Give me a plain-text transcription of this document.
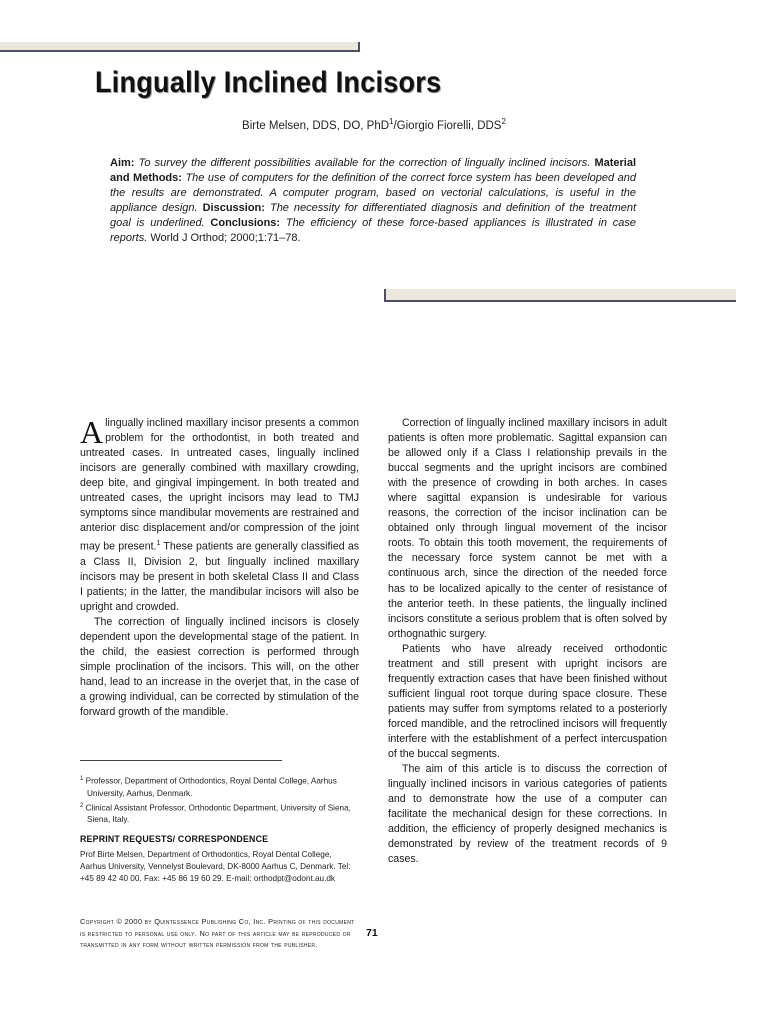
Lingually Inclined Incisors
Birte Melsen, DDS, DO, PhD$^1$/Giorgio Fiorelli, DDS$^2$

Aim: To survey the different possibilities available for the correction of lingually inclined incisors. Material and Methods: The use of computers for the definition of the correct force system has been developed and the results are demonstrated. A computer program, based on vectorial calculations, is useful in the appliance design. Discussion: The necessity for differentiated diagnosis and definition of the treatment goal is underlined. Conclusions: The efficiency of these force-based appliances is illustrated in case reports. World J Orthod; 2000;1:71–78.

Alingually inclined maxillary incisor presents a common problem for the orthodontist, in both treated and untreated cases. In untreated cases, lingually inclined incisors are generally combined with maxillary crowding, deep bite, and gingival impingement. In both treated and untreated cases, the upright incisors may lead to TMJ symptoms since mandibular movements are restrained and anterior disc displacement and/or compression of the joint may be present.$^1$ These patients are generally classified as a Class II, Division 2, but lingually inclined maxillary incisors may be present in both skeletal Class II and Class I patients; in the latter, the mandibular incisors will also be upright and crowded.

The correction of lingually inclined incisors is closely dependent upon the developmental stage of the patient. In the child, the easiest correction is performed through simple proclination of the incisors. This will, on the other hand, lead to an increase in the overjet that, in the case of a growing individual, can be corrected by stimulation of the forward growth of the mandible.

Correction of lingually inclined maxillary incisors in adult patients is often more problematic. Sagittal expansion can be allowed only if a Class I relationship prevails in the buccal segments and the upright incisors are combined with the presence of crowding in both arches. In cases where sagittal expansion is undesirable for various reasons, the correction of the incisor inclination can be obtained only through lingual movement of the incisor roots. To obtain this tooth movement, the requirements of the necessary force system cannot be met with a continuous arch, since the direction of the needed force has to be localized apically to the center of resistance of the anterior teeth. In these patients, the lingually inclined incisors constitute a serious problem that is often solved by orthognathic surgery.

Patients who have already received orthodontic treatment and still present with upright incisors are frequently extraction cases that have been finished without sufficient lingual root torque during space closure. These patients may suffer from symptoms related to a posteriorly forced mandible, and the retroclined incisors will frequently interfere with the establishment of a perfect intercuspation of the buccal segments.

The aim of this article is to discuss the correction of lingually inclined incisors in various categories of patients and to demonstrate how the use of a computer can facilitate the mechanical design for these corrections. In addition, the efficiency of properly designed mechanics is demonstrated by review of the treatment records of 9 cases.

$^1$ Professor, Department of Orthodontics, Royal Dental College, Aarhus University, Aarhus, Denmark.
$^2$ Clinical Assistant Professor, Orthodontic Department, University of Siena, Siena, Italy.
REPRINT REQUESTS/ CORRESPONDENCE
Prof Birte Melsen, Department of Orthodontics, Royal Dental College, Aarhus University, Vennelyst Boulevard, DK-8000 Aarhus C, Denmark. Tel: +45 89 42 40 00. Fax: +45 86 19 60 29. E-mail: orthodpt@odont.au.dk
Copyright © 2000 by Quintessence Publishing Co, Inc. Printing of this document is restricted to personal use only. No part of this article may be reproduced or transmitted in any form without written permission from the publisher.
71
